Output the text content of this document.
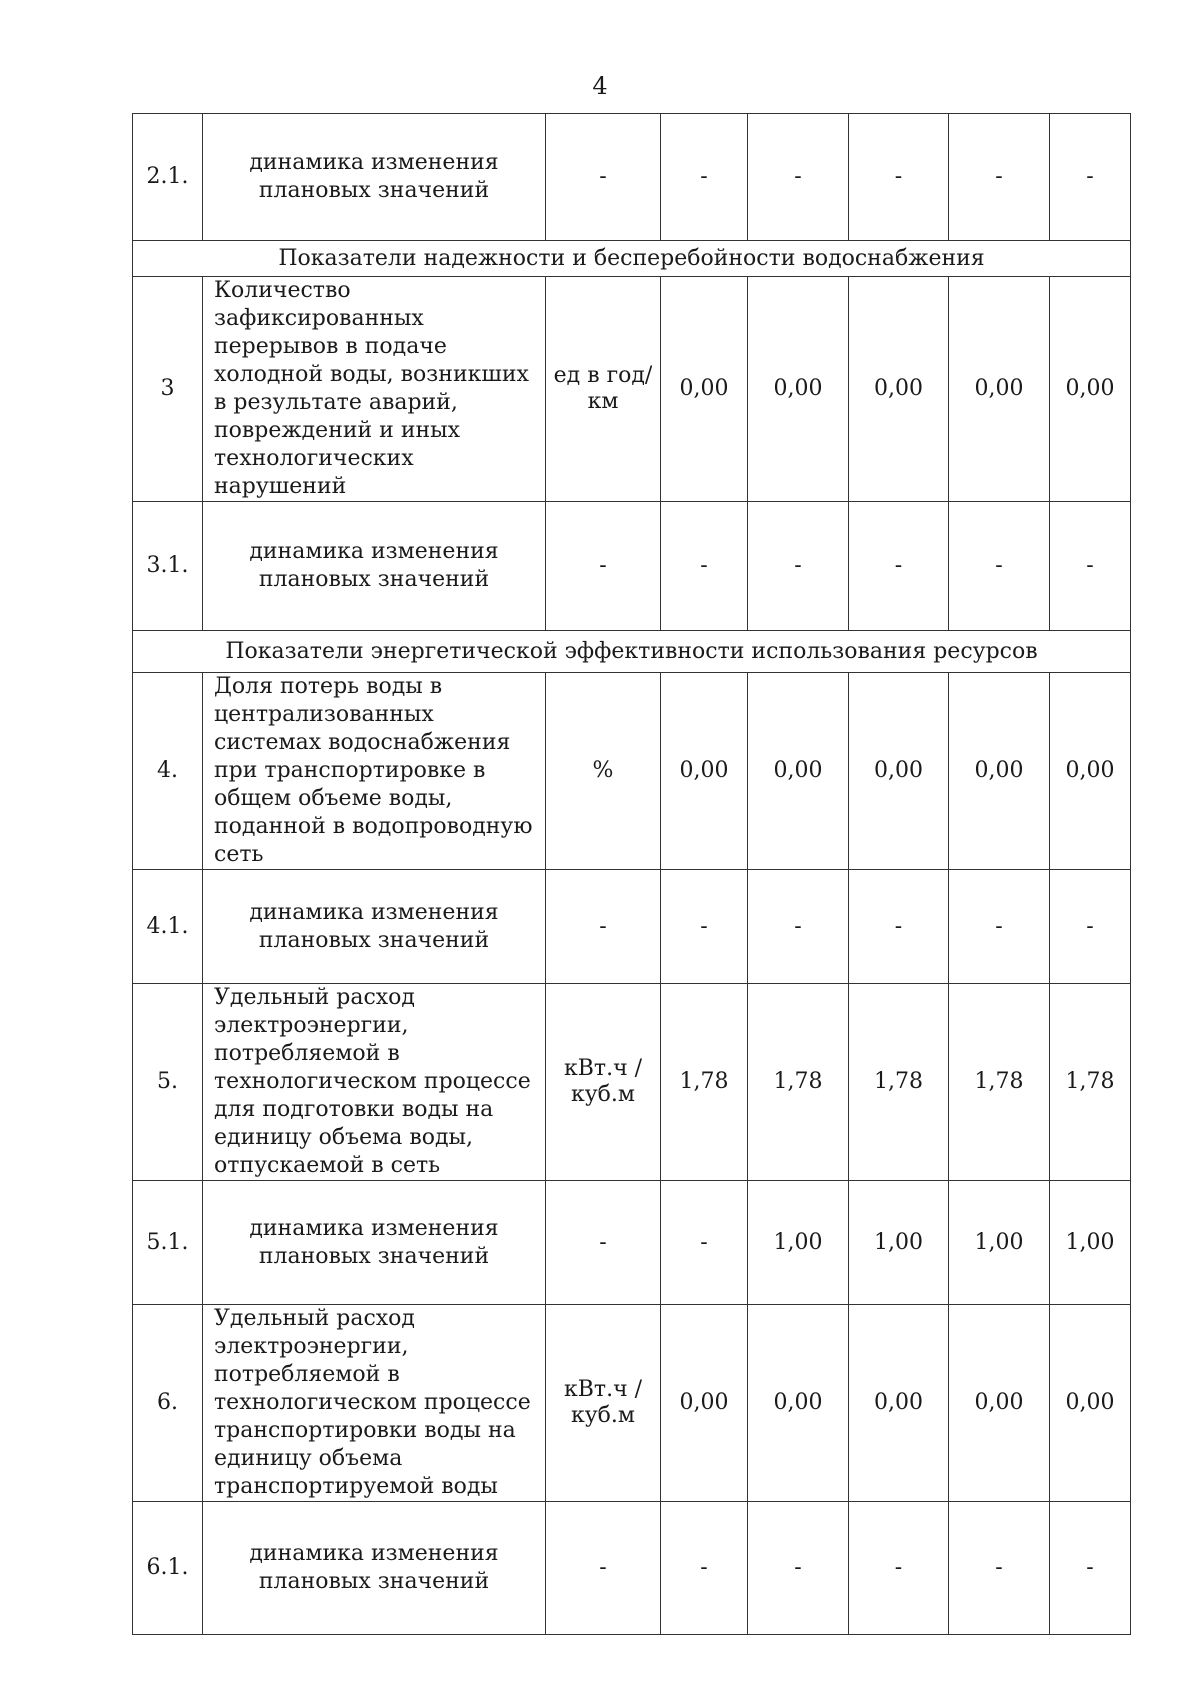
4
2.1.	динамика изменения плановых значений	-	-	-	-	-	-
Показатели надежности и бесперебойности водоснабжения							
3	Количество зафиксированных перерывов в подаче холодной воды, возникших в результате аварий, повреждений и иных технологических нарушений	ед в год/ км	0,00	0,00	0,00	0,00	0,00
3.1.	динамика изменения плановых значений	-	-	-	-	-	-
Показатели энергетической эффективности использования ресурсов							
4.	Доля потерь воды в централизованных системах водоснабжения при транспортировке в общем объеме воды, поданной в водопроводную сеть	%	0,00	0,00	0,00	0,00	0,00
4.1.	динамика изменения плановых значений	-	-	-	-	-	-
5.	Удельный расход электроэнергии, потребляемой в технологическом процессе для подготовки воды на единицу объема воды, отпускаемой в сеть	кВт.ч / куб.м	1,78	1,78	1,78	1,78	1,78
5.1.	динамика изменения плановых значений	-	-	1,00	1,00	1,00	1,00
6.	Удельный расход электроэнергии, потребляемой в технологическом процессе транспортировки воды на единицу объема транспортируемой воды	кВт.ч / куб.м	0,00	0,00	0,00	0,00	0,00
6.1.	динамика изменения плановых значений	-	-	-	-	-	-
